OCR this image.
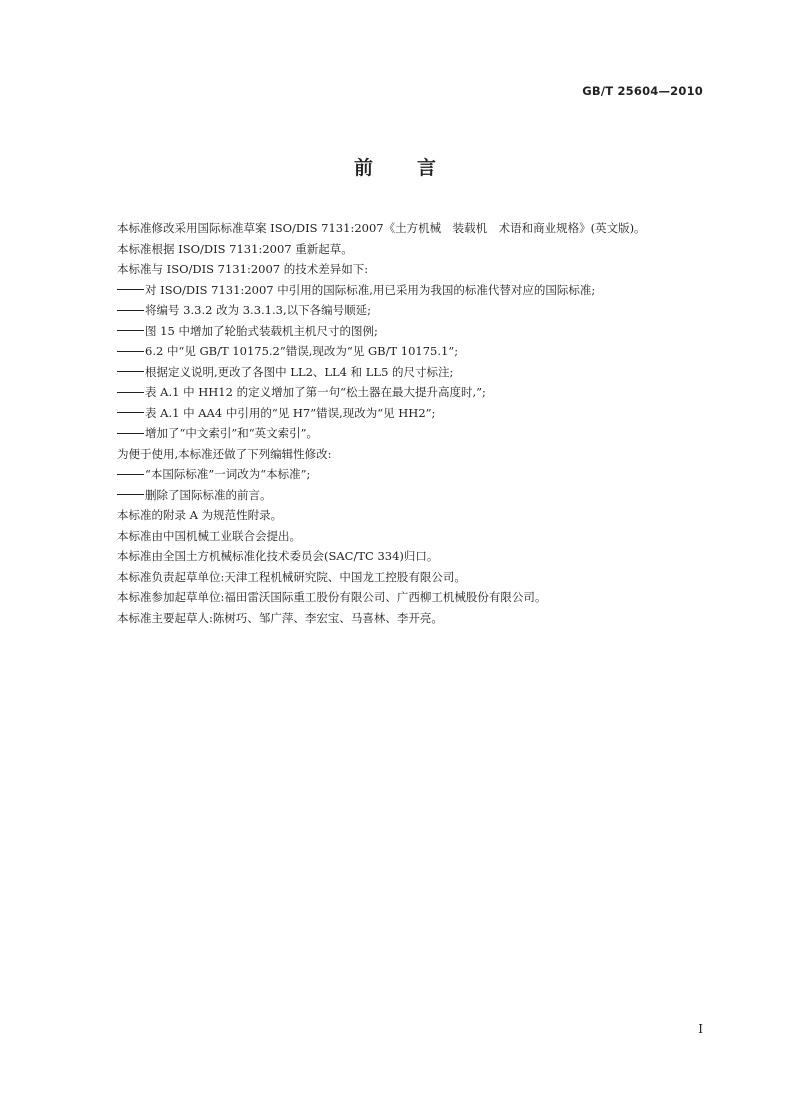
GB/T 25604—2010
前 言

本标准修改采用国际标准草案 ISO/DIS 7131:2007《土方机械　装载机　术语和商业规格》(英文版)。

本标准根据 ISO/DIS 7131:2007 重新起草。

本标准与 ISO/DIS 7131:2007 的技术差异如下:

对 ISO/DIS 7131:2007 中引用的国际标准,用已采用为我国的标准代替对应的国际标准;

将编号 3.3.2 改为 3.3.1.3,以下各编号顺延;

图 15 中增加了轮胎式装载机主机尺寸的图例;

6.2 中“见 GB/T 10175.2”错误,现改为“见 GB/T 10175.1”;

根据定义说明,更改了各图中 LL2、LL4 和 LL5 的尺寸标注;

表 A.1 中 HH12 的定义增加了第一句“松土器在最大提升高度时,”;

表 A.1 中 AA4 中引用的“见 H7”错误,现改为“见 HH2”;

增加了“中文索引”和“英文索引”。

为便于使用,本标准还做了下列编辑性修改:

“本国际标准”一词改为“本标准”;

删除了国际标准的前言。

本标准的附录 A 为规范性附录。

本标准由中国机械工业联合会提出。

本标准由全国土方机械标准化技术委员会(SAC/TC 334)归口。

本标准负责起草单位:天津工程机械研究院、中国龙工控股有限公司。

本标准参加起草单位:福田雷沃国际重工股份有限公司、广西柳工机械股份有限公司。

本标准主要起草人:陈树巧、邹广萍、李宏宝、马喜林、李开亮。

I
